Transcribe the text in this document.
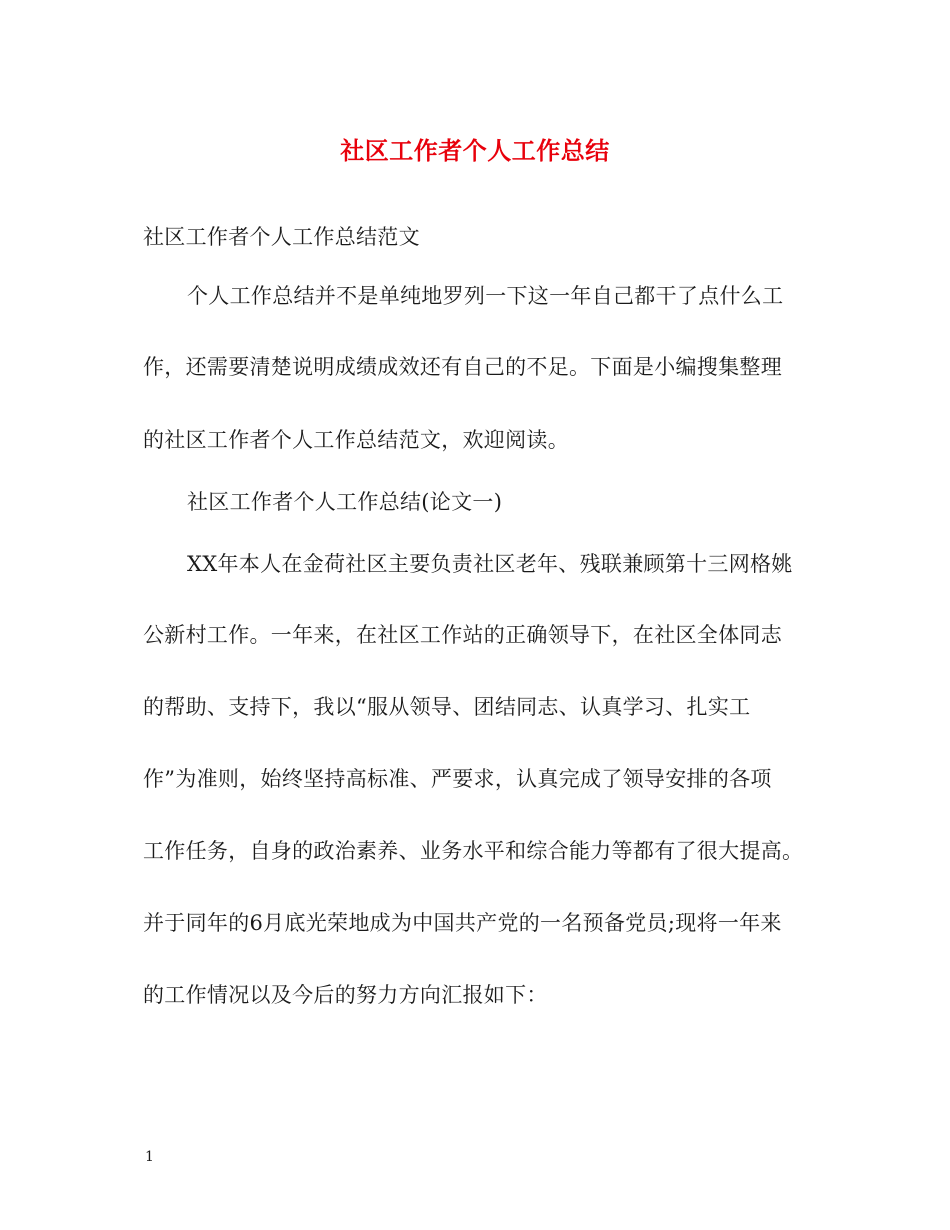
社区工作者个人工作总结
社区工作者个人工作总结范文
个人工作总结并不是单纯地罗列一下这一年自己都干了点什么工
作，还需要清楚说明成绩成效还有自己的不足。下面是小编搜集整理
的社区工作者个人工作总结范文，欢迎阅读。
社区工作者个人工作总结(论文一)
XX年本人在金荷社区主要负责社区老年、残联兼顾第十三网格姚
公新村工作。一年来，在社区工作站的正确领导下，在社区全体同志
的帮助、支持下，我以“服从领导、团结同志、认真学习、扎实工
作”为准则，始终坚持高标准、严要求，认真完成了领导安排的各项
工作任务，自身的政治素养、业务水平和综合能力等都有了很大提高。
并于同年的6月底光荣地成为中国共产党的一名预备党员;现将一年来
的工作情况以及今后的努力方向汇报如下：
1
